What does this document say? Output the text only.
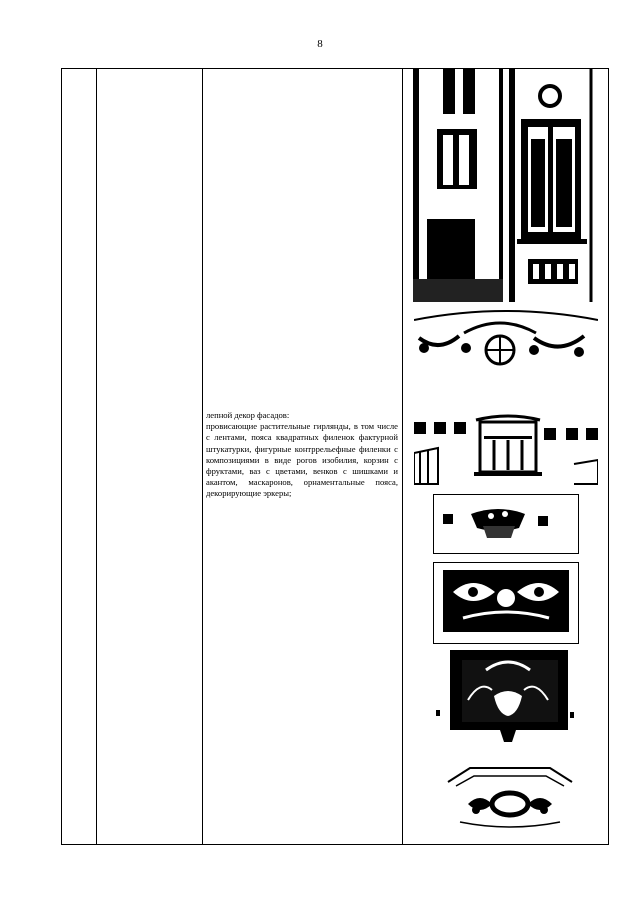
8

лепной декор фасадов:

провисающие растительные гирлянды, в том числе с лентами, пояса квадратных филенок фактурной штукатурки, фигурные контррельефные филенки с композициями в виде рогов изобилия, корзин с фруктами, ваз с цветами, венков с шишками и акантом, маскаронов, орнаментальные пояса, декорирующие эркеры;
